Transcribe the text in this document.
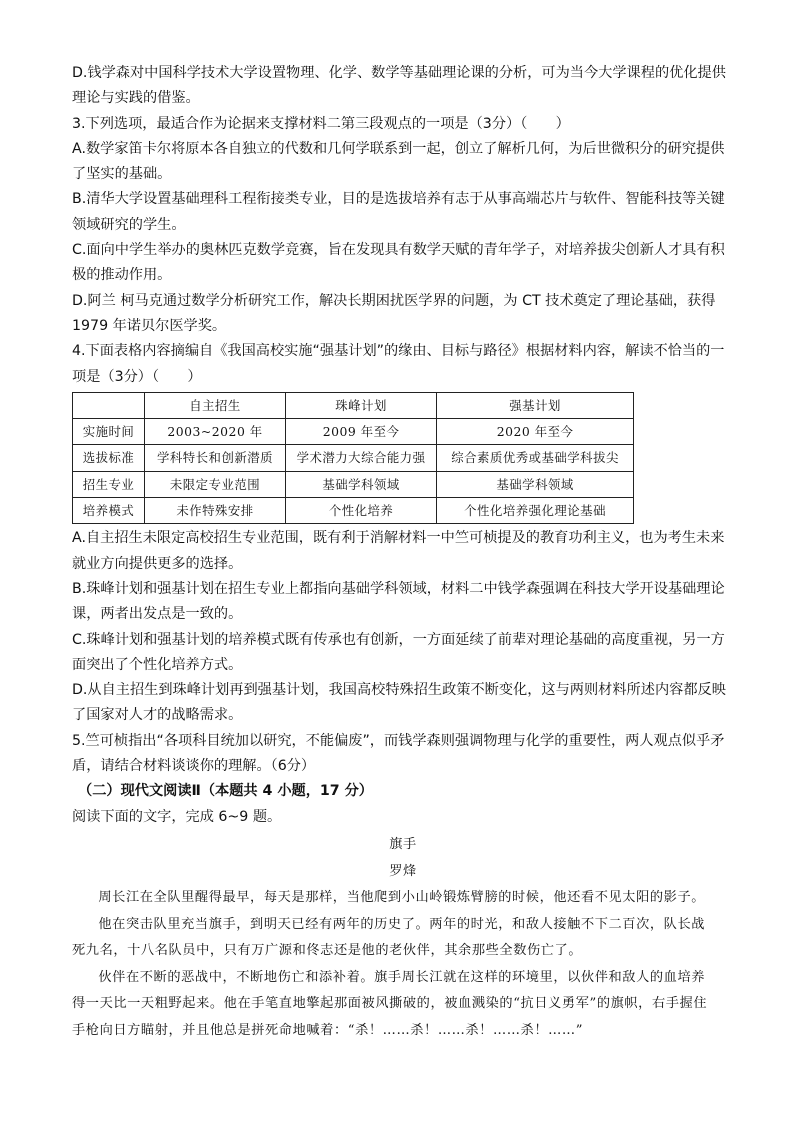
D.钱学森对中国科学技术大学设置物理、化学、数学等基础理论课的分析，可为当今大学课程的优化提供

理论与实践的借鉴。

3.下列选项，最适合作为论据来支撑材料二第三段观点的一项是（3分）（　　）

A.数学家笛卡尔将原本各自独立的代数和几何学联系到一起，创立了解析几何，为后世微积分的研究提供

了坚实的基础。

B.清华大学设置基础理科工程衔接类专业，目的是选拔培养有志于从事高端芯片与软件、智能科技等关键

领域研究的学生。

C.面向中学生举办的奥林匹克数学竞赛，旨在发现具有数学天赋的青年学子，对培养拔尖创新人才具有积

极的推动作用。

D.阿兰 柯马克通过数学分析研究工作，解决长期困扰医学界的问题，为 CT 技术奠定了理论基础，获得

1979 年诺贝尔医学奖。

4.下面表格内容摘编自《我国高校实施“强基计划”的缘由、目标与路径》根据材料内容，解读不恰当的一

项是（3分）（　　）

	自主招生	珠峰计划	强基计划
实施时间	2003~2020 年	2009 年至今	2020 年至今
选拔标准	学科特长和创新潜质	学术潜力大综合能力强	综合素质优秀或基础学科拔尖
招生专业	未限定专业范围	基础学科领域	基础学科领域
培养模式	未作特殊安排	个性化培养	个性化培养强化理论基础

A.自主招生未限定高校招生专业范围，既有利于消解材料一中竺可桢提及的教育功利主义，也为考生未来

就业方向提供更多的选择。

B.珠峰计划和强基计划在招生专业上都指向基础学科领域，材料二中钱学森强调在科技大学开设基础理论

课，两者出发点是一致的。

C.珠峰计划和强基计划的培养模式既有传承也有创新，一方面延续了前辈对理论基础的高度重视，另一方

面突出了个性化培养方式。

D.从自主招生到珠峰计划再到强基计划，我国高校特殊招生政策不断变化，这与两则材料所述内容都反映

了国家对人才的战略需求。

5.竺可桢指出“各项科目统加以研究，不能偏废”，而钱学森则强调物理与化学的重要性，两人观点似乎矛

盾，请结合材料谈谈你的理解。（6分）

（二）现代文阅读Ⅱ（本题共 4 小题，17 分）

阅读下面的文字，完成 6~9 题。

旗手

罗烽

周长江在全队里醒得最早，每天是那样，当他爬到小山岭锻炼臂膀的时候，他还看不见太阳的影子。

他在突击队里充当旗手，到明天已经有两年的历史了。两年的时光，和敌人接触不下二百次，队长战

死九名，十八名队员中，只有万广源和佟志还是他的老伙伴，其余那些全数伤亡了。

伙伴在不断的恶战中，不断地伤亡和添补着。旗手周长江就在这样的环境里，以伙伴和敌人的血培养

得一天比一天粗野起来。他在手笔直地擎起那面被风撕破的，被血溅染的“抗日义勇军”的旗帜，右手握住

手枪向日方瞄射，并且他总是拼死命地喊着：“杀！……杀！……杀！……杀！……”
